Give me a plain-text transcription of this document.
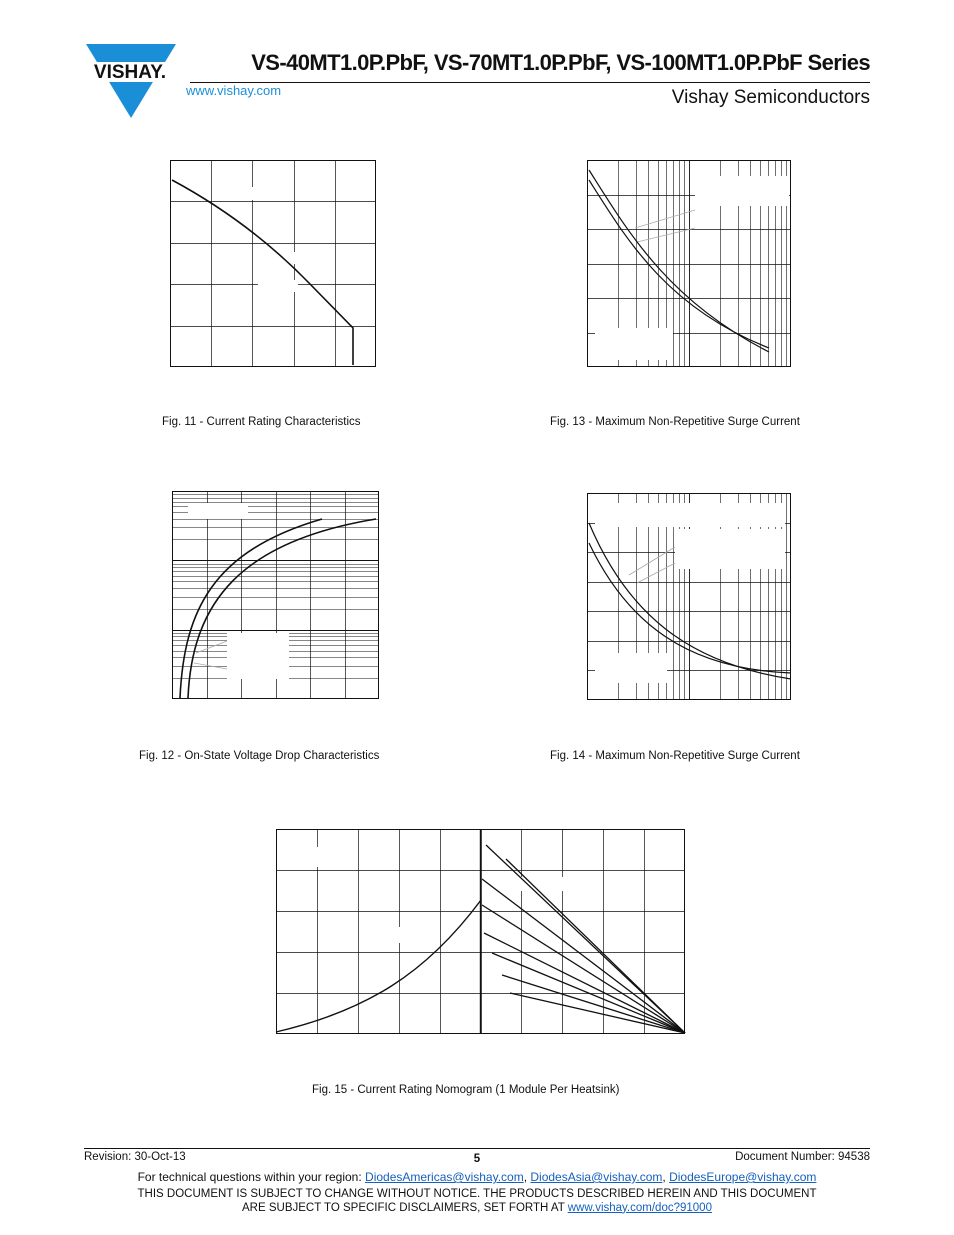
VISHAY.	VS-40MT1.0P.PbF, VS-70MT1.0P.PbF, VS-100MT1.0P.PbF Series
www.vishay.com	Vishay Semiconductors
Fig. 11 - Current Rating Characteristics	Fig. 13 - Maximum Non-Repetitive Surge Current
Fig. 12 - On-State Voltage Drop Characteristics	Fig. 14 - Maximum Non-Repetitive Surge Current
Fig. 15 - Current Rating Nomogram (1 Module Per Heatsink)
Revision: 30-Oct-13	5	Document Number: 94538
For technical questions within your region: DiodesAmericas@vishay.com, DiodesAsia@vishay.com, DiodesEurope@vishay.com
THIS DOCUMENT IS SUBJECT TO CHANGE WITHOUT NOTICE. THE PRODUCTS DESCRIBED HEREIN AND THIS DOCUMENT
ARE SUBJECT TO SPECIFIC DISCLAIMERS, SET FORTH AT www.vishay.com/doc?91000
